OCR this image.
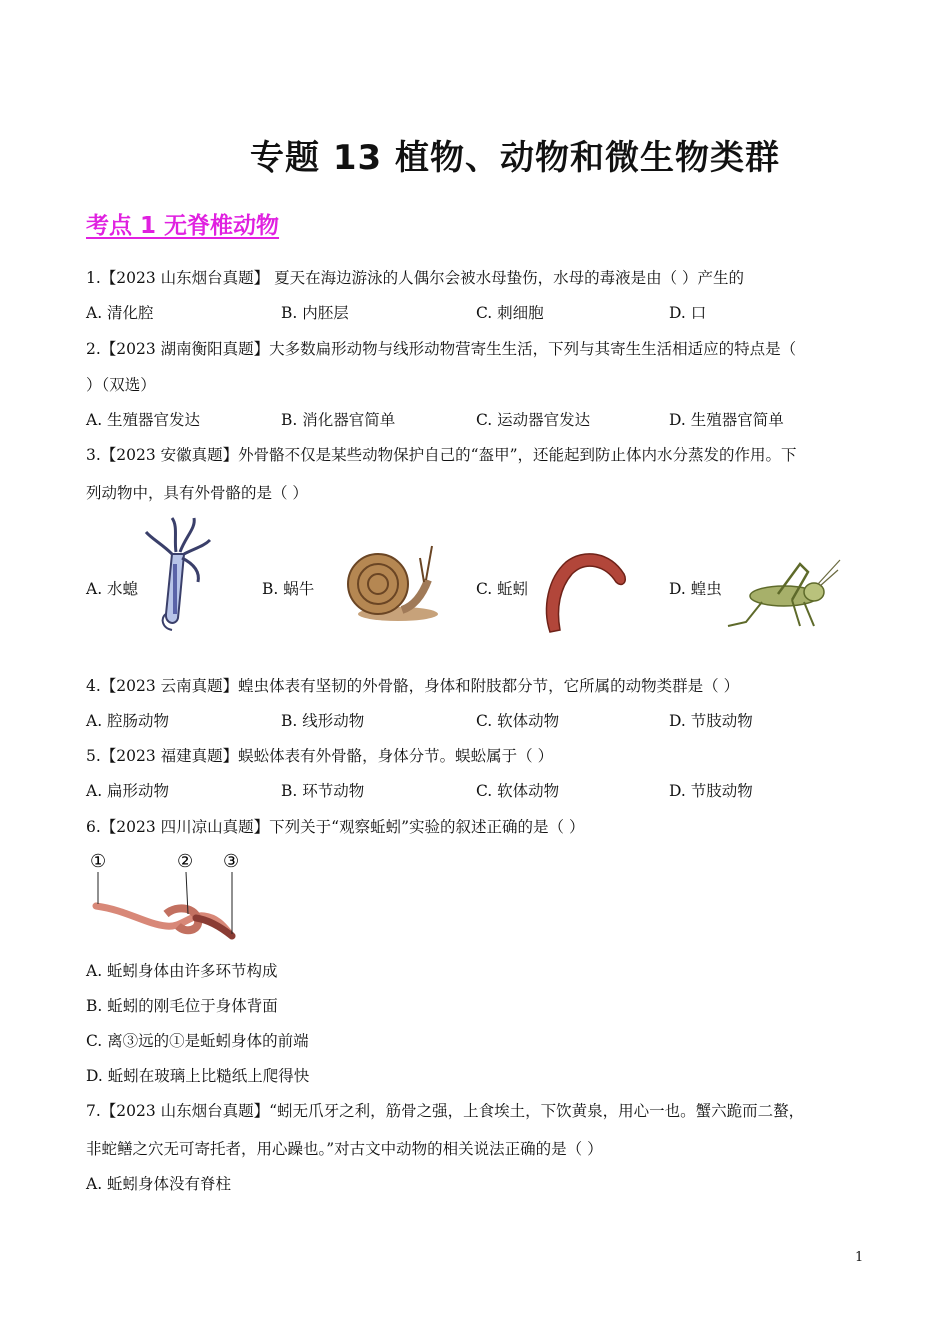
专题 13 植物、动物和微生物类群
考点 1 无脊椎动物
1.【2023 山东烟台真题】 夏天在海边游泳的人偶尔会被水母蛰伤，水母的毒液是由（ ）产生的
A. 清化腔	B. 内胚层	C. 刺细胞	D. 口
2.【2023 湖南衡阳真题】大多数扁形动物与线形动物营寄生生活，下列与其寄生生活相适应的特点是（
）（双选）
A. 生殖器官发达	B. 消化器官简单	C. 运动器官发达	D. 生殖器官简单
3.【2023 安徽真题】外骨骼不仅是某些动物保护自己的“盔甲”，还能起到防止体内水分蒸发的作用。下
列动物中，具有外骨骼的是（ ）
A. 水螅	B. 蜗牛	C. 蚯蚓	D. 蝗虫
4.【2023 云南真题】蝗虫体表有坚韧的外骨骼，身体和附肢都分节，它所属的动物类群是（ ）
A. 腔肠动物	B. 线形动物	C. 软体动物	D. 节肢动物
5.【2023 福建真题】蜈蚣体表有外骨骼，身体分节。蜈蚣属于（ ）
A. 扁形动物	B. 环节动物	C. 软体动物	D. 节肢动物
6.【2023 四川凉山真题】下列关于“观察蚯蚓”实验的叙述正确的是（ ）
①	② ③
A. 蚯蚓身体由许多环节构成
B. 蚯蚓的刚毛位于身体背面
C. 离③远的①是蚯蚓身体的前端
D. 蚯蚓在玻璃上比糙纸上爬得快
7.【2023 山东烟台真题】“蚓无爪牙之利，筋骨之强，上食埃土，下饮黄泉，用心一也。蟹六跪而二螯，
非蛇鳝之穴无可寄托者，用心躁也。”对古文中动物的相关说法正确的是（ ）
A. 蚯蚓身体没有脊柱
1
